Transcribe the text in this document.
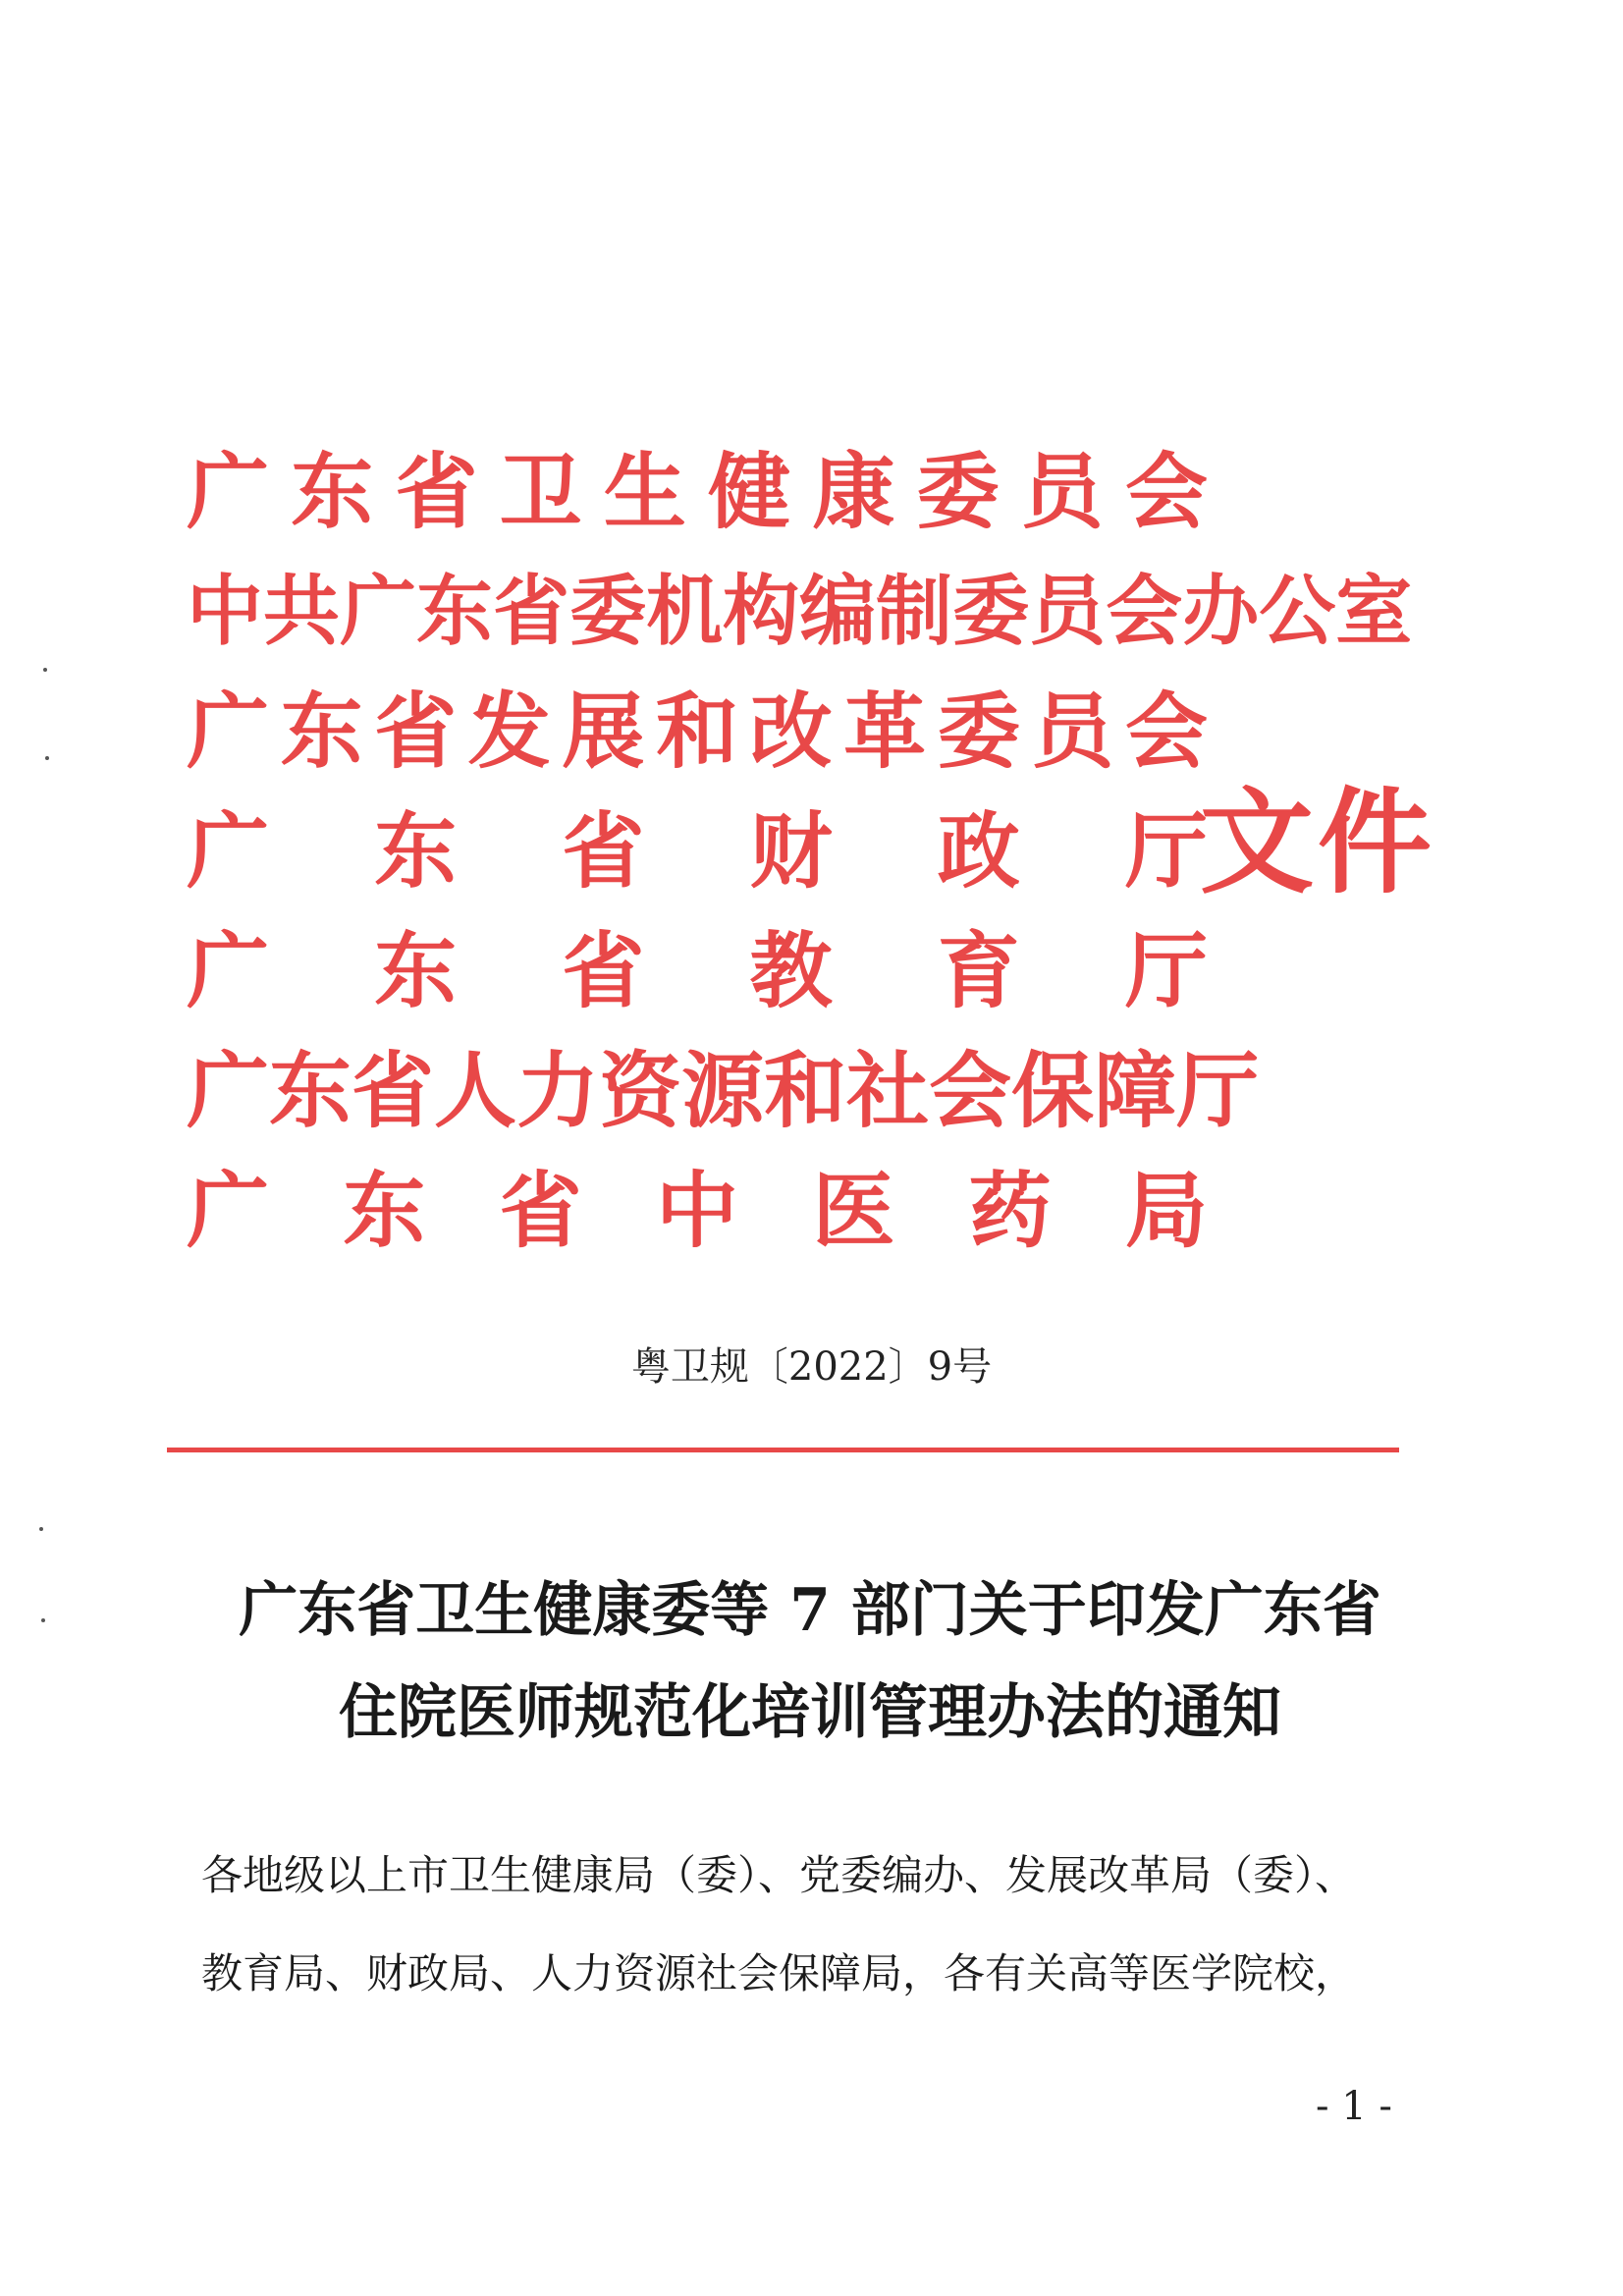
广 东 省 卫 生 健 康 委 员 会
中 共 广 东 省 委 机 构 编 制 委 员 会 办 公 室
广 东 省 发 展 和 改 革 委 员 会
广 东 省 财 政 厅
广 东 省 教 育 厅
广 东 省 人 力 资 源 和 社 会 保 障 厅
广 东 省 中 医 药 局
文件
粤卫规〔2022〕9号
广东省卫生健康委等 7 部门关于印发广东省
住院医师规范化培训管理办法的通知
各地级以上市卫生健康局（委）、党委编办、发展改革局（委）、
教育局、财政局、人力资源社会保障局，各有关高等医学院校，
- 1 -
